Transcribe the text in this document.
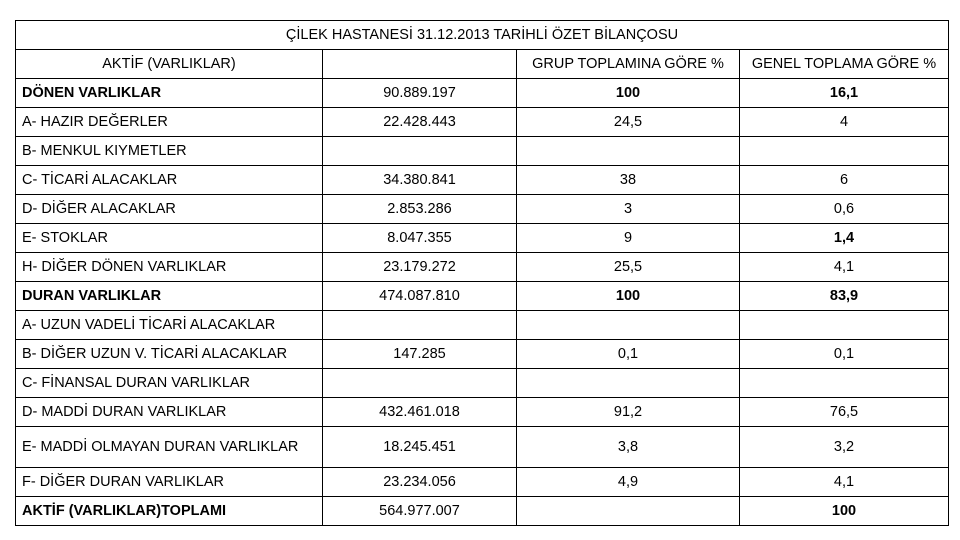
ÇİLEK HASTANESİ 31.12.2013 TARİHLİ ÖZET BİLANÇOSU			
AKTİF (VARLIKLAR)		GRUP TOPLAMINA GÖRE %	GENEL TOPLAMA GÖRE %
DÖNEN VARLIKLAR	90.889.197	100	16,1
A- HAZIR DEĞERLER	22.428.443	24,5	4
B- MENKUL KIYMETLER			
C- TİCARİ ALACAKLAR	34.380.841	38	6
D- DİĞER ALACAKLAR	2.853.286	3	0,6
E- STOKLAR	8.047.355	9	1,4
H- DİĞER DÖNEN VARLIKLAR	23.179.272	25,5	4,1
DURAN VARLIKLAR	474.087.810	100	83,9
A- UZUN VADELİ TİCARİ ALACAKLAR			
B- DİĞER UZUN V. TİCARİ ALACAKLAR	147.285	0,1	0,1
C- FİNANSAL DURAN VARLIKLAR			
D- MADDİ DURAN VARLIKLAR	432.461.018	91,2	76,5
E- MADDİ OLMAYAN DURAN VARLIKLAR	18.245.451	3,8	3,2
F- DİĞER DURAN VARLIKLAR	23.234.056	4,9	4,1
AKTİF (VARLIKLAR)TOPLAMI	564.977.007		100
